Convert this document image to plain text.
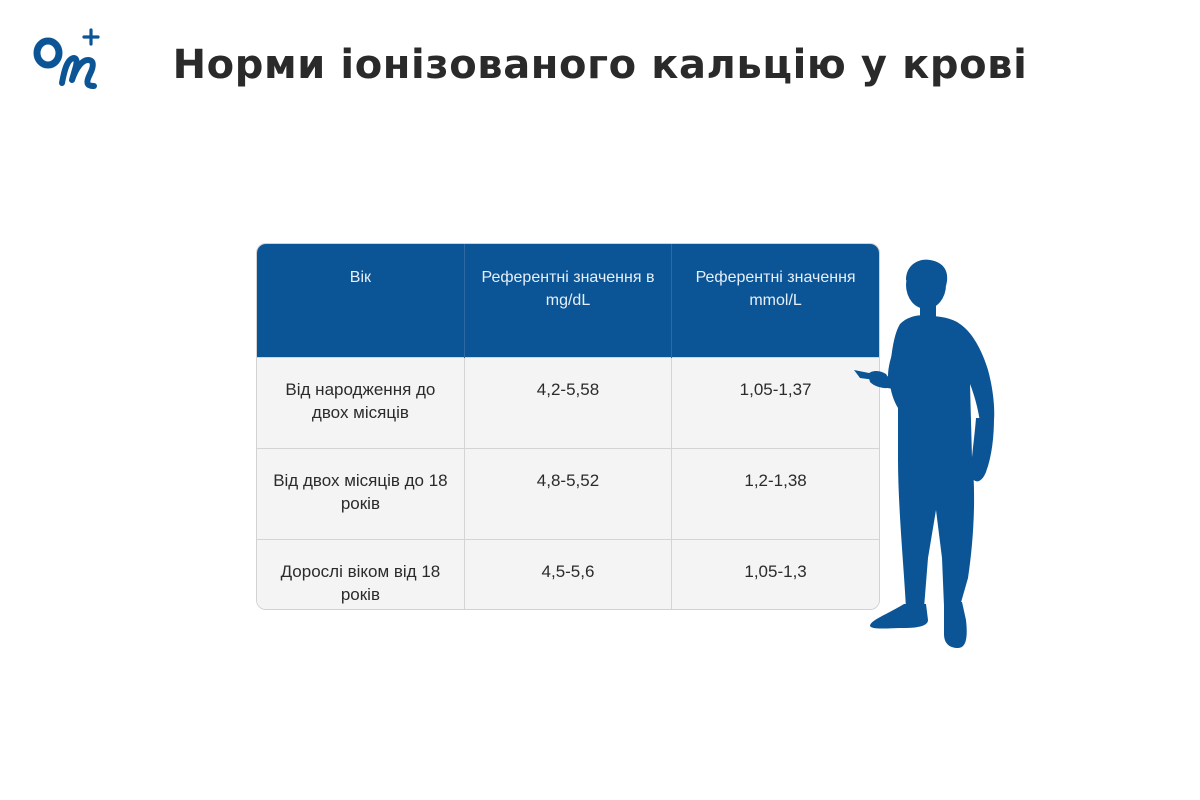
Норми іонізованого кальцію у крові
Вік	Референтні значення в mg/dL	Референтні значення mmol/L
Від народження до двох місяців	4,2-5,58	1,05-1,37
Від двох місяців до 18 років	4,8-5,52	1,2-1,38
Дорослі віком від 18 років	4,5-5,6	1,05-1,3
